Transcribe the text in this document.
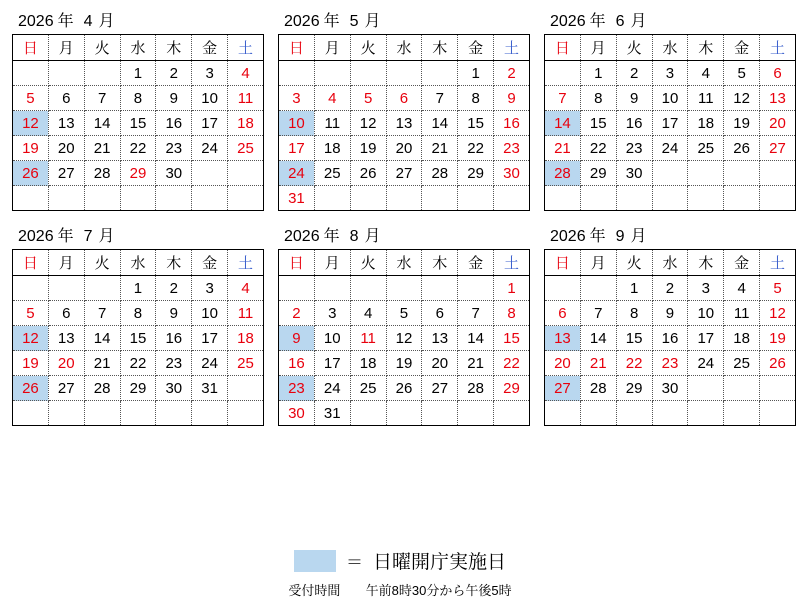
2026 年 4 月
日	月	火	水	木	金	土
			1	2	3	4
5	6	7	8	9	10	11
12	13	14	15	16	17	18
19	20	21	22	23	24	25
26	27	28	29	30		

2026 年 5 月
日	月	火	水	木	金	土
					1	2
3	4	5	6	7	8	9
10	11	12	13	14	15	16
17	18	19	20	21	22	23
24	25	26	27	28	29	30
31						
2026 年 6 月
日	月	火	水	木	金	土
	1	2	3	4	5	6
7	8	9	10	11	12	13
14	15	16	17	18	19	20
21	22	23	24	25	26	27
28	29	30				

2026 年 7 月
日	月	火	水	木	金	土
			1	2	3	4
5	6	7	8	9	10	11
12	13	14	15	16	17	18
19	20	21	22	23	24	25
26	27	28	29	30	31	

2026 年 8 月
日	月	火	水	木	金	土
						1
2	3	4	5	6	7	8
9	10	11	12	13	14	15
16	17	18	19	20	21	22
23	24	25	26	27	28	29
30	31					
2026 年 9 月
日	月	火	水	木	金	土
		1	2	3	4	5
6	7	8	9	10	11	12
13	14	15	16	17	18	19
20	21	22	23	24	25	26
27	28	29	30			

＝ 日曜開庁実施日
受付時間 午前8時30分から午後5時
